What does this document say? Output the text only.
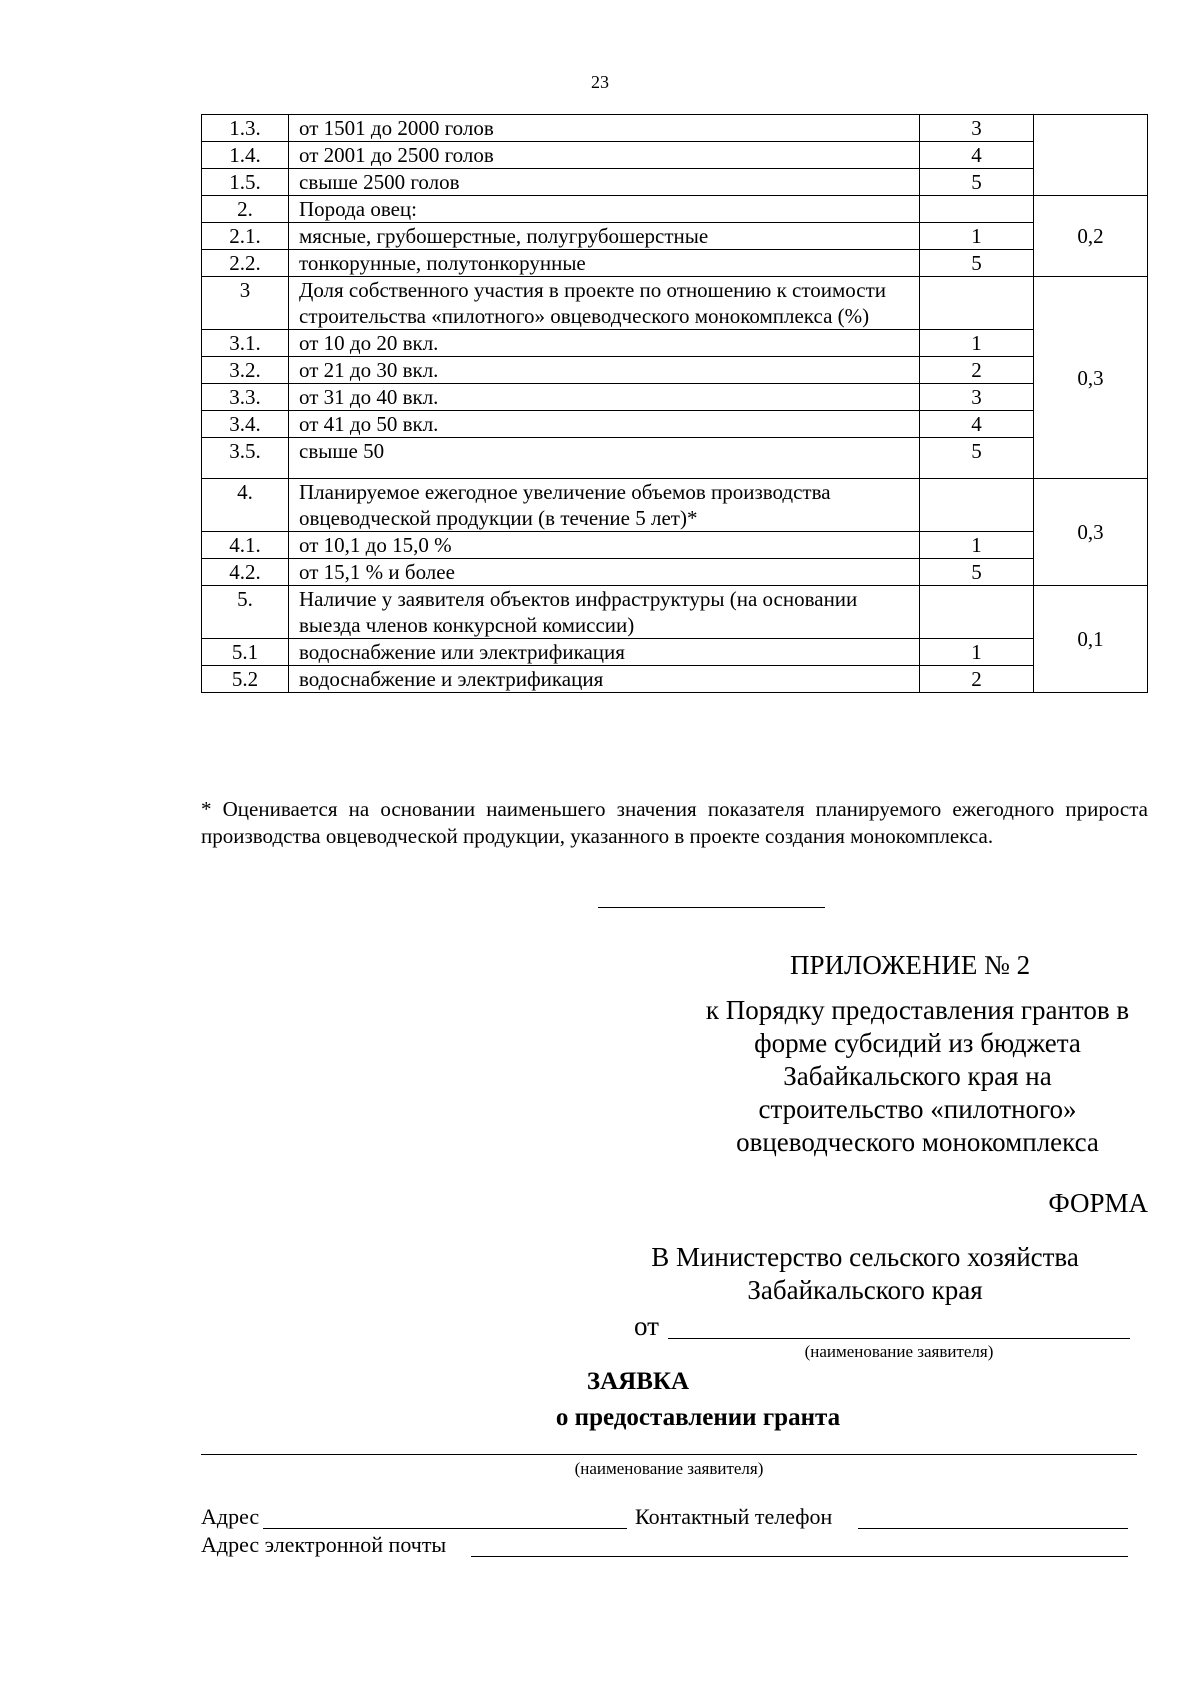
23
1.3.	от 1501 до 2000 голов	3	
1.4.	от 2001 до 2500 голов	4	
1.5.	свыше 2500 голов	5	
2.	Порода овец:		0,2
2.1.	мясные, грубошерстные, полугрубошерстные	1	
2.2.	тонкорунные, полутонкорунные	5	
3	Доля собственного участия в проекте по отношению к стоимости строительства «пилотного» овцеводческого монокомплекса (%)		0,3
3.1.	от 10 до 20 вкл.	1	
3.2.	от 21 до 30 вкл.	2	
3.3.	от 31 до 40 вкл.	3	
3.4.	от 41 до 50 вкл.	4	
3.5.	свыше 50	5	
4.	Планируемое ежегодное увеличение объемов производства овцеводческой продукции (в течение 5 лет)*		0,3
4.1.	от 10,1 до 15,0 %	1	
4.2.	от 15,1 % и более	5	
5.	Наличие у заявителя объектов инфраструктуры (на основании выезда членов конкурсной комиссии)		0,1
5.1	водоснабжение или электрификация	1	
5.2	водоснабжение и электрификация	2	
* Оценивается на основании наименьшего значения показателя планируемого ежегодного прироста производства овцеводческой продукции, указанного в проекте создания монокомплекса.
ПРИЛОЖЕНИЕ № 2
к Порядку предоставления грантов в
форме субсидий из бюджета
Забайкальского края на
строительство «пилотного»
овцеводческого монокомплекса
ФОРМА
В Министерство сельского хозяйства
Забайкальского края
от
(наименование заявителя)
ЗАЯВКА
о предоставлении гранта
(наименование заявителя)
Адрес	Контактный телефон
Адрес электронной почты
